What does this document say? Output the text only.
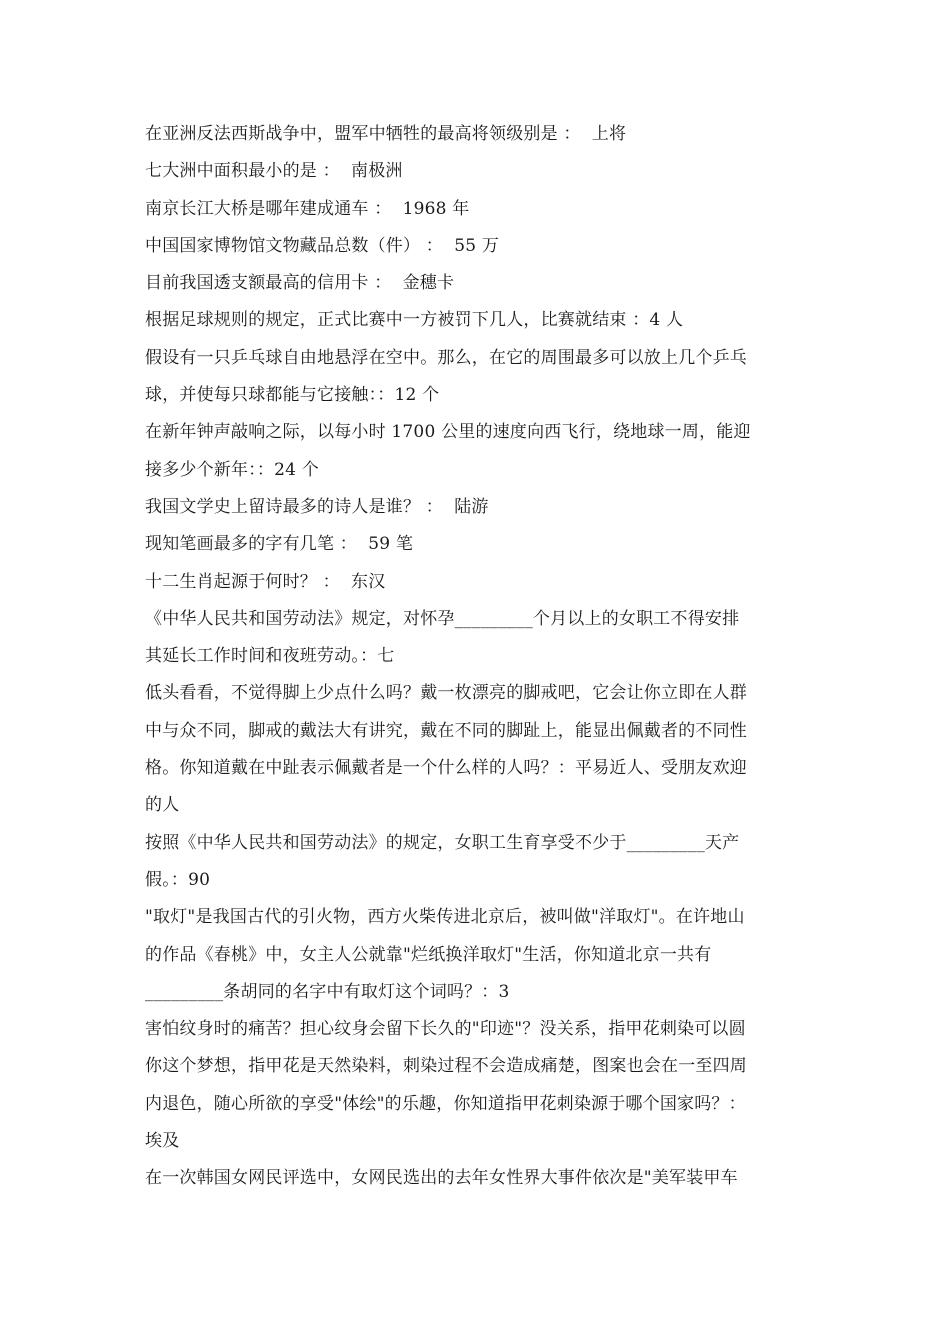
在亚洲反法西斯战争中，盟军中牺牲的最高将领级别是 ：  上将
七大洲中面积最小的是 ：  南极洲
南京长江大桥是哪年建成通车 ：  1968 年
中国国家博物馆文物藏品总数（件） ：  55 万
目前我国透支额最高的信用卡 ：  金穗卡
根据足球规则的规定，正式比赛中一方被罚下几人，比赛就结束 ：4 人
假设有一只乒乓球自由地悬浮在空中。那么，在它的周围最多可以放上几个乒乓
球，并使每只球都能与它接触：：12 个
在新年钟声敲响之际，以每小时 1700 公里的速度向西飞行，绕地球一周，能迎
接多少个新年：：24 个
我国文学史上留诗最多的诗人是谁？ ：  陆游
现知笔画最多的字有几笔 ：  59 笔
十二生肖起源于何时？ ：  东汉
《中华人民共和国劳动法》规定，对怀孕_________个月以上的女职工不得安排
其延长工作时间和夜班劳动。：七
低头看看，不觉得脚上少点什么吗？戴一枚漂亮的脚戒吧，它会让你立即在人群
中与众不同，脚戒的戴法大有讲究，戴在不同的脚趾上，能显出佩戴者的不同性
格。你知道戴在中趾表示佩戴者是一个什么样的人吗？：平易近人、受朋友欢迎
的人
按照《中华人民共和国劳动法》的规定，女职工生育享受不少于_________天产
假。：90
"取灯"是我国古代的引火物，西方火柴传进北京后，被叫做"洋取灯"。在许地山
的作品《春桃》中，女主人公就靠"烂纸换洋取灯"生活，你知道北京一共有
_________条胡同的名字中有取灯这个词吗？：3
害怕纹身时的痛苦？担心纹身会留下长久的"印迹"？没关系，指甲花刺染可以圆
你这个梦想，指甲花是天然染料，刺染过程不会造成痛楚，图案也会在一至四周
内退色，随心所欲的享受"体绘"的乐趣，你知道指甲花刺染源于哪个国家吗？：
埃及
在一次韩国女网民评选中，女网民选出的去年女性界大事件依次是"美军装甲车
